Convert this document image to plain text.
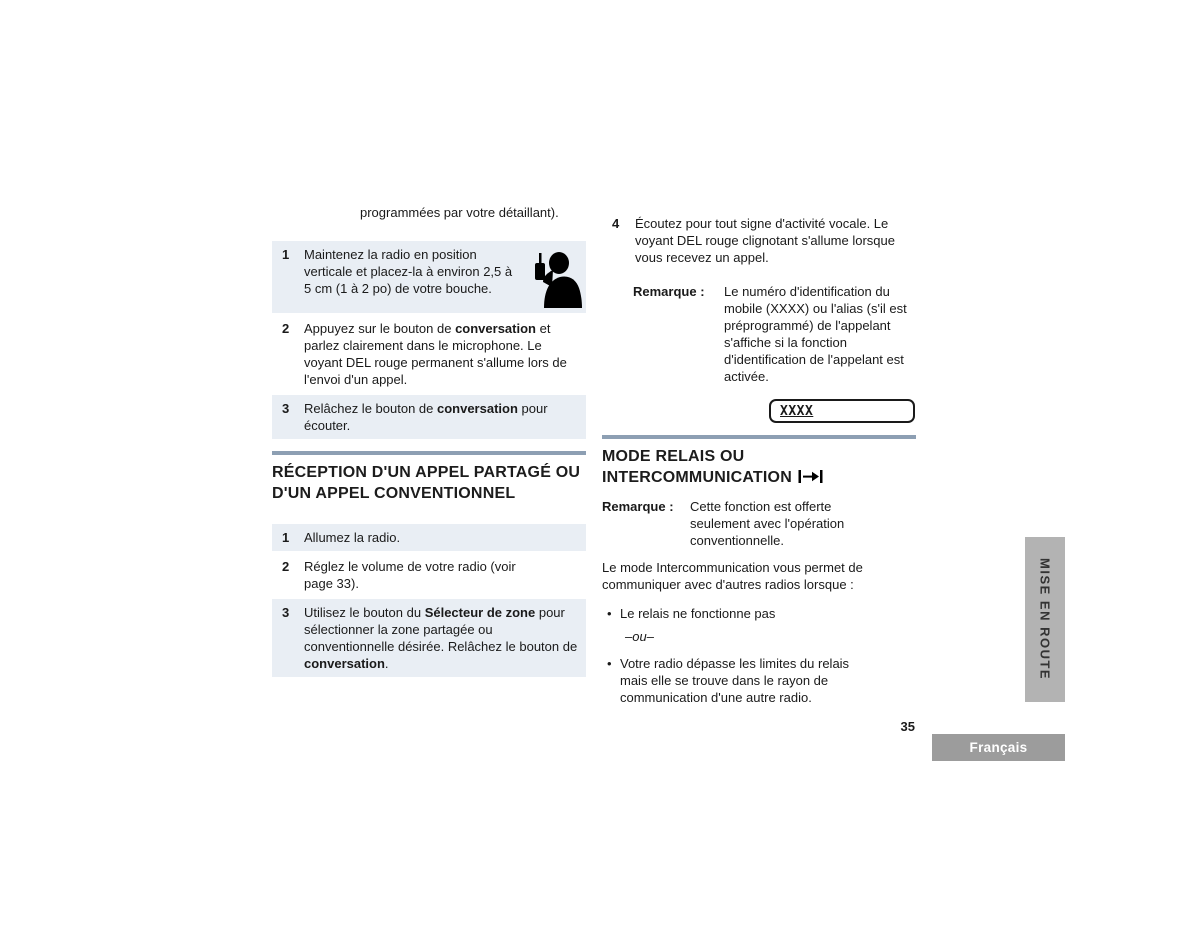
programmées par votre détaillant).

1	Maintenez la radio en position verticale et placez-la à environ 2,5 à 5 cm (1 à 2 po) de votre bouche.
2	Appuyez sur le bouton de conversation et parlez clairement dans le microphone. Le voyant DEL rouge permanent s'allume lors de l'envoi d'un appel.
3	Relâchez le bouton de conversation pour écouter.
RÉCEPTION D'UN APPEL PARTAGÉ OU D'UN APPEL CONVENTIONNEL
1	Allumez la radio.
2	Réglez le volume de votre radio (voir page 33).
3	Utilisez le bouton du Sélecteur de zone pour sélectionner la zone partagée ou conventionnelle désirée. Relâchez le bouton de conversation.
4	Écoutez pour tout signe d'activité vocale. Le voyant DEL rouge clignotant s'allume lorsque vous recevez un appel.
Remarque :	Le numéro d'identification du mobile (XXXX) ou l'alias (s'il est préprogrammé) de l'appelant s'affiche si la fonction d'identification de l'appelant est activée.
XXXX
MODE RELAIS OU
INTERCOMMUNICATION
Remarque :	Cette fonction est offerte seulement avec l'opération conventionnelle.

Le mode Intercommunication vous permet de communiquer avec d'autres radios lorsque :

• Le relais ne fonctionne pas
–ou–
• Votre radio dépasse les limites du relais mais elle se trouve dans le rayon de communication d'une autre radio.
MISE EN ROUTE
35
Français
